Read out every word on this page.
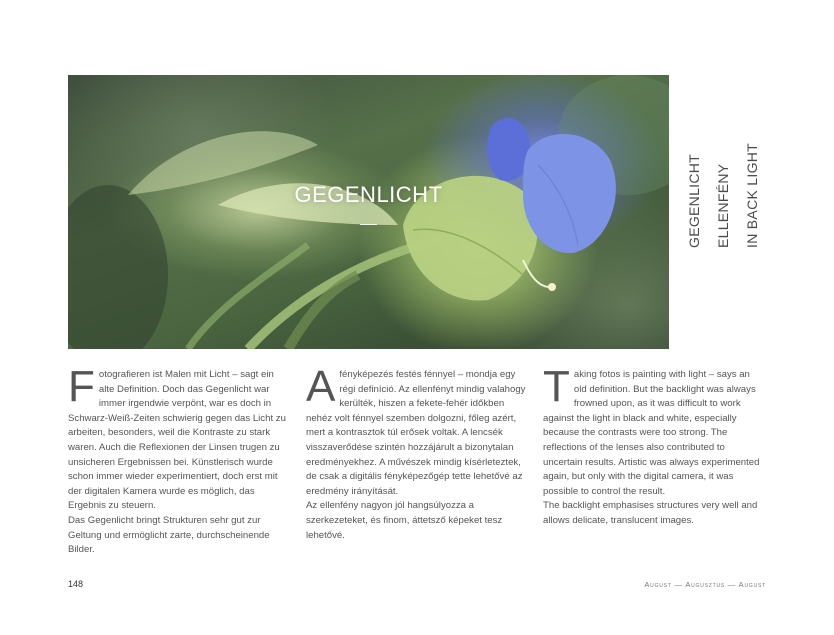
GEGENLICHT	GEGENLICHT ELLENFÉNY IN BACK LIGHT
F otografieren ist Malen mit Licht – sagt ein alte Definition. Doch das Gegenlicht war immer irgendwie verpönt, war es doch in Schwarz-Weiß-Zeiten schwierig gegen das Licht zu arbeiten, besonders, weil die Kontraste zu stark waren. Auch die Reflexionen der Linsen trugen zu unsicheren Ergebnissen bei. Künstlerisch wurde schon immer wieder experimentiert, doch erst mit der digitalen Kamera wurde es möglich, das Ergebnis zu steuern.

Das Gegenlicht bringt Strukturen sehr gut zur Geltung und ermöglicht zarte, durchscheinende Bilder.

A fényképezés festés fénnyel – mondja egy régi definíció. Az ellenfényt mindig valahogy kerülték, hiszen a fekete-fehér időkben nehéz volt fénnyel szemben dolgozni, főleg azért, mert a kontrasztok túl erősek voltak. A lencsék visszaverődése szintén hozzájárult a bizonytalan eredményekhez. A művészek mindig kísérleteztek, de csak a digitális fényképezőgép tette lehetővé az eredmény irányítását.

Az ellenfény nagyon jól hangsúlyozza a szerkezeteket, és finom, áttetsző képeket tesz lehetővé.

T aking fotos is painting with light – says an old definition. But the backlight was always frowned upon, as it was difficult to work against the light in black and white, especially because the contrasts were too strong. The reflections of the lenses also contributed to uncertain results. Artistic was always experimented again, but only with the digital camera, it was possible to control the result.

The backlight emphasises structures very well and allows delicate, translucent images.

148	August — Augusztus — August
